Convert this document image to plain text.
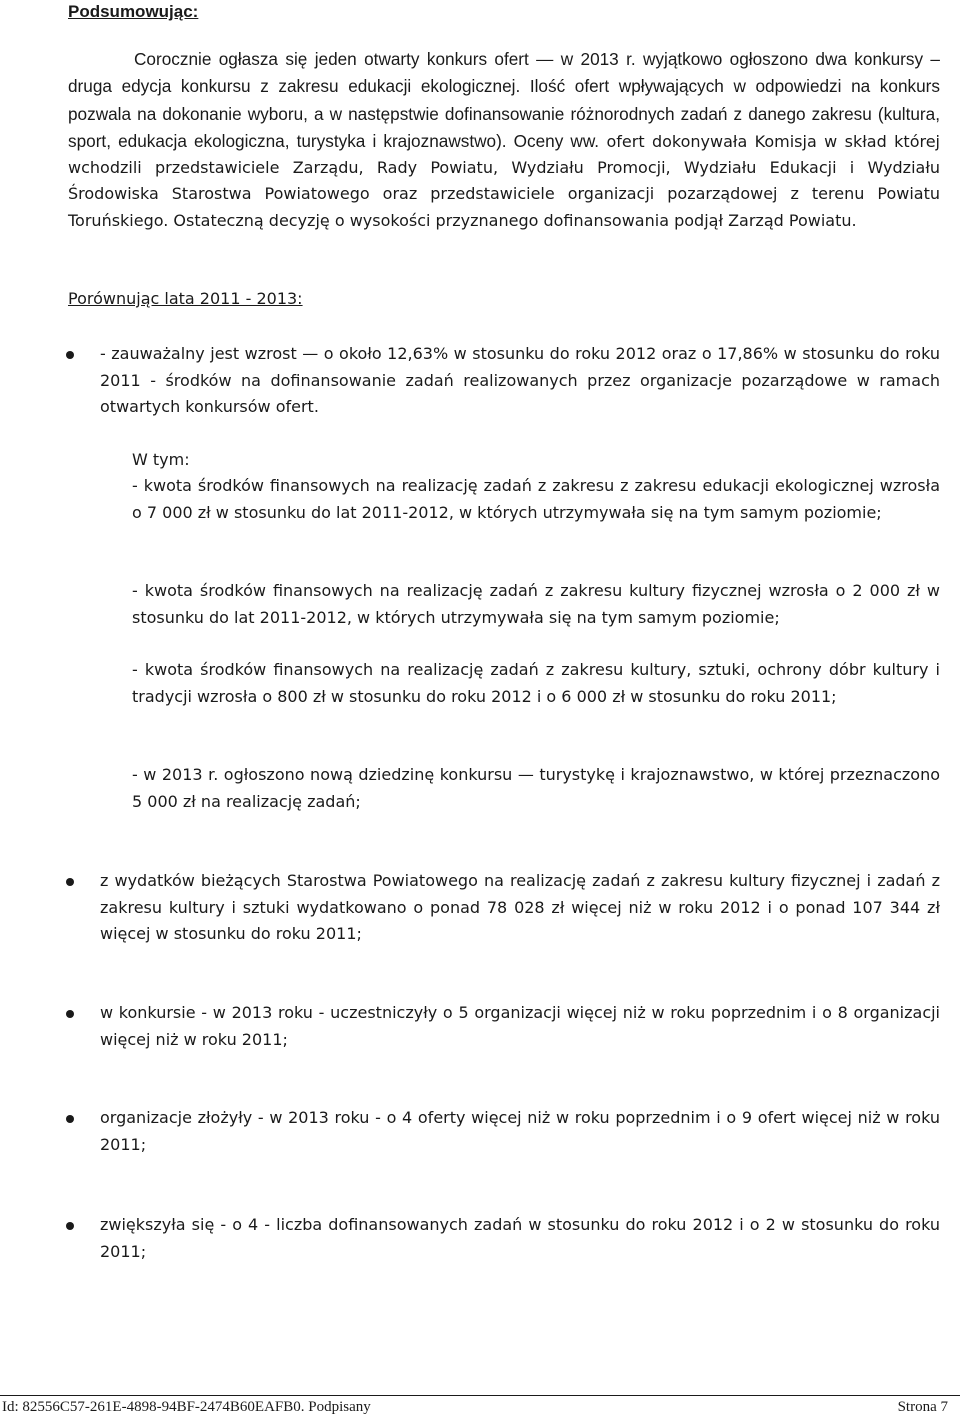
Podsumowując:

Corocznie ogłasza się jeden otwarty konkurs ofert — w 2013 r. wyjątkowo ogłoszono dwa konkursy – druga edycja konkursu z zakresu edukacji ekologicznej. Ilość ofert wpływających w odpowiedzi na konkurs pozwala na dokonanie wyboru, a w następstwie dofinansowanie różnorodnych zadań z danego zakresu (kultura, sport, edukacja ekologiczna, turystyka i krajoznawstwo). Oceny ww. ofert dokonywała Komisja w skład której wchodzili przedstawiciele Zarządu, Rady Powiatu, Wydziału Promocji, Wydziału Edukacji i Wydziału Środowiska Starostwa Powiatowego oraz przedstawiciele organizacji pozarządowej z terenu Powiatu Toruńskiego. Ostateczną decyzję o wysokości przyznanego dofinansowania podjął Zarząd Powiatu.

Porównując lata 2011 - 2013:

- zauważalny jest wzrost — o około 12,63% w stosunku do roku 2012 oraz o 17,86% w stosunku do roku 2011 - środków na dofinansowanie zadań realizowanych przez organizacje pozarządowe w ramach otwartych konkursów ofert.

W tym:

- kwota środków finansowych na realizację zadań z zakresu z zakresu edukacji ekologicznej wzrosła o 7 000 zł w stosunku do lat 2011-2012, w których utrzymywała się na tym samym poziomie;

- kwota środków finansowych na realizację zadań z zakresu kultury fizycznej wzrosła o 2 000 zł w stosunku do lat 2011-2012, w których utrzymywała się na tym samym poziomie;

- kwota środków finansowych na realizację zadań z zakresu kultury, sztuki, ochrony dóbr kultury i tradycji wzrosła o 800 zł w stosunku do roku 2012 i o 6 000 zł w stosunku do roku 2011;

- w 2013 r. ogłoszono nową dziedzinę konkursu — turystykę i krajoznawstwo, w której przeznaczono 5 000 zł na realizację zadań;

z wydatków bieżących Starostwa Powiatowego na realizację zadań z zakresu kultury fizycznej i zadań z zakresu kultury i sztuki wydatkowano o ponad 78 028 zł więcej niż w roku 2012 i o ponad 107 344 zł więcej w stosunku do roku 2011;

w konkursie - w 2013 roku - uczestniczyły o 5 organizacji więcej niż w roku poprzednim i o 8 organizacji więcej niż w roku 2011;

organizacje złożyły - w 2013 roku - o 4 oferty więcej niż w roku poprzednim i o 9 ofert więcej niż w roku 2011;

zwiększyła się - o 4 - liczba dofinansowanych zadań w stosunku do roku 2012 i o 2 w stosunku do roku 2011;

Id: 82556C57-261E-4898-94BF-2474B60EAFB0. Podpisany	Strona 7
